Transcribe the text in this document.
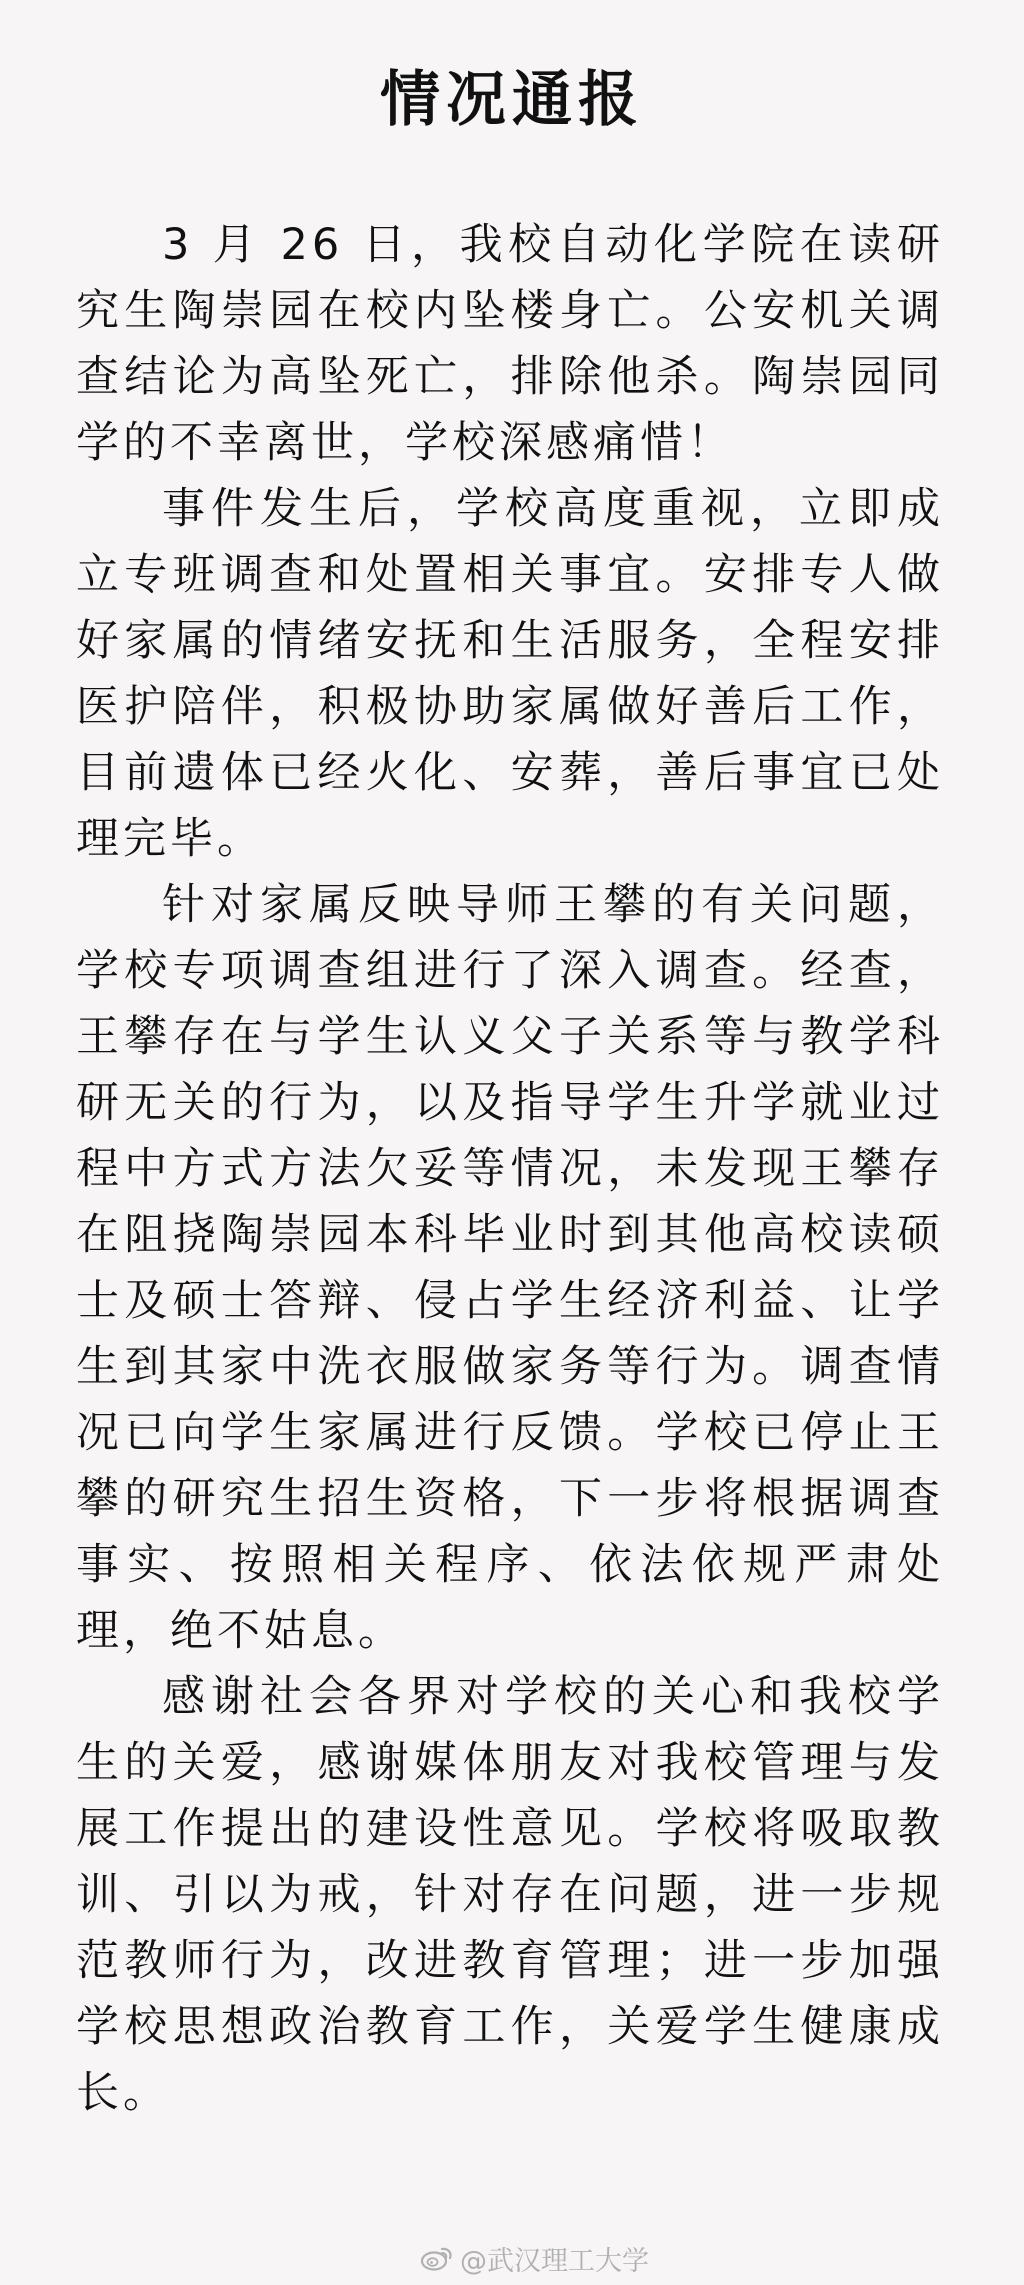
情况通报

3 月 26 日，我校自动化学院在读研究生陶崇园在校内坠楼身亡。公安机关调查结论为高坠死亡，排除他杀。陶崇园同学的不幸离世，学校深感痛惜！

事件发生后，学校高度重视，立即成立专班调查和处置相关事宜。安排专人做好家属的情绪安抚和生活服务，全程安排医护陪伴，积极协助家属做好善后工作，目前遗体已经火化、安葬，善后事宜已处理完毕。

针对家属反映导师王攀的有关问题，学校专项调查组进行了深入调查。经查，王攀存在与学生认义父子关系等与教学科研无关的行为，以及指导学生升学就业过程中方式方法欠妥等情况，未发现王攀存在阻挠陶崇园本科毕业时到其他高校读硕士及硕士答辩、侵占学生经济利益、让学生到其家中洗衣服做家务等行为。调查情况已向学生家属进行反馈。学校已停止王攀的研究生招生资格，下一步将根据调查事实、按照相关程序、依法依规严肃处理，绝不姑息。

感谢社会各界对学校的关心和我校学生的关爱，感谢媒体朋友对我校管理与发展工作提出的建设性意见。学校将吸取教训、引以为戒，针对存在问题，进一步规范教师行为，改进教育管理；进一步加强学校思想政治教育工作，关爱学生健康成长。

@武汉理工大学
